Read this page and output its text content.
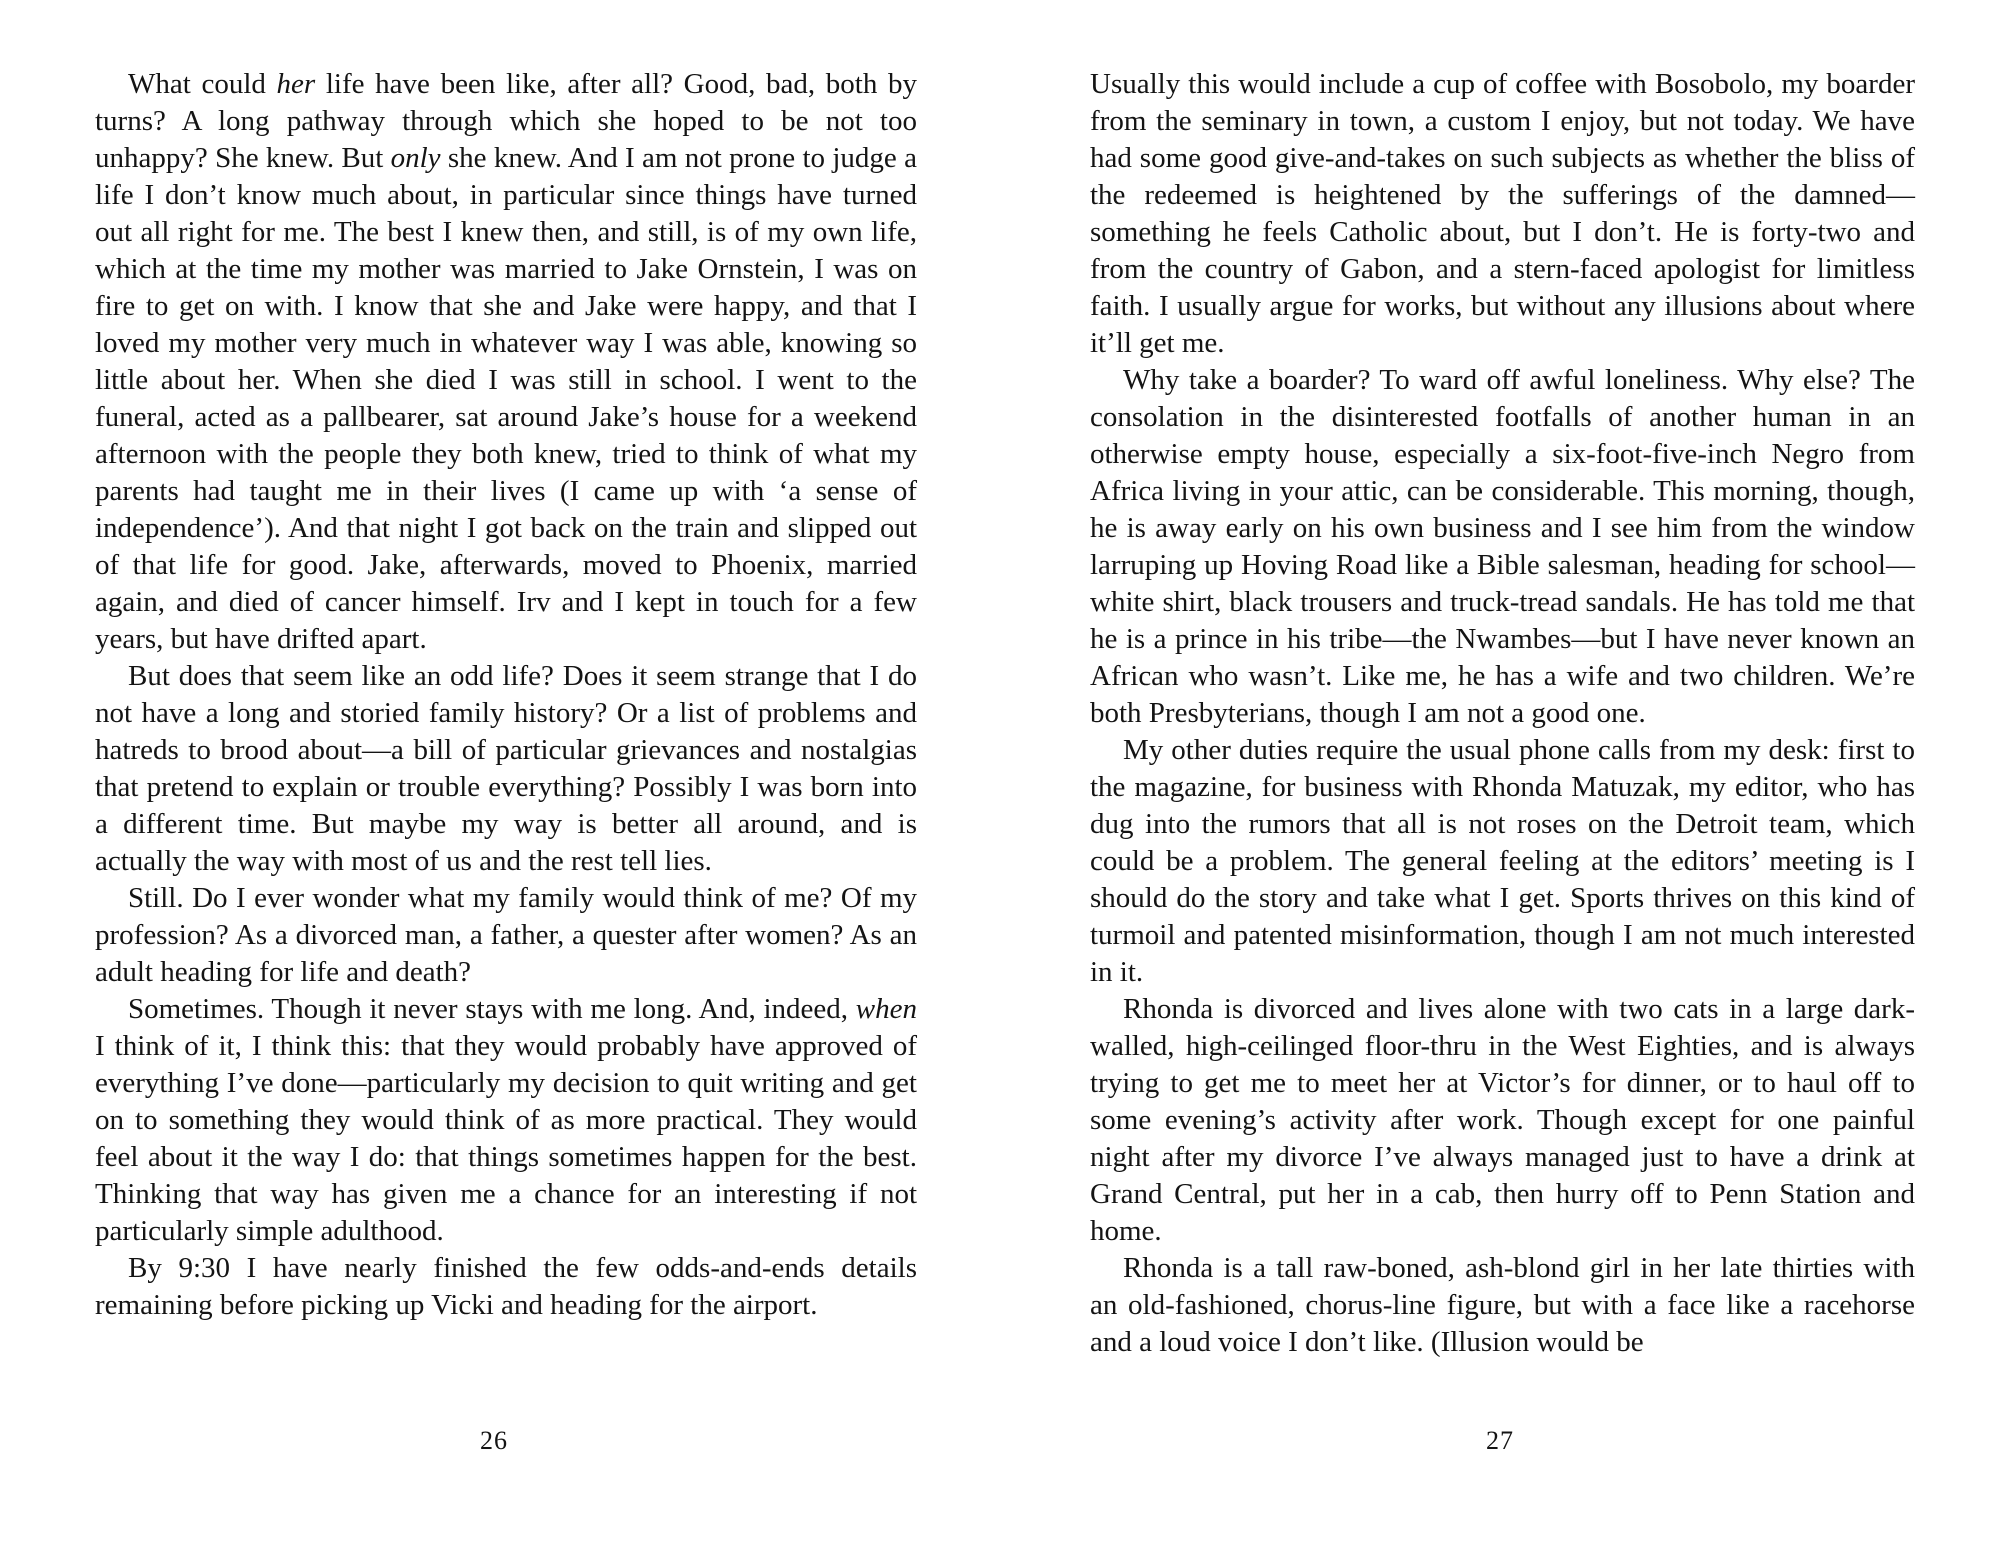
What could her life have been like, after all? Good, bad, both by turns? A long pathway through which she hoped to be not too unhappy? She knew. But only she knew. And I am not prone to judge a life I don’t know much about, in particular since things have turned out all right for me. The best I knew then, and still, is of my own life, which at the time my mother was married to Jake Ornstein, I was on fire to get on with. I know that she and Jake were happy, and that I loved my mother very much in whatever way I was able, knowing so little about her. When she died I was still in school. I went to the funeral, acted as a pallbearer, sat around Jake’s house for a weekend afternoon with the people they both knew, tried to think of what my parents had taught me in their lives (I came up with ‘a sense of independence’). And that night I got back on the train and slipped out of that life for good. Jake, afterwards, moved to Phoenix, married again, and died of cancer himself. Irv and I kept in touch for a few years, but have drifted apart.

But does that seem like an odd life? Does it seem strange that I do not have a long and storied family history? Or a list of problems and hatreds to brood about—a bill of particular grievances and nostalgias that pretend to explain or trouble everything? Possibly I was born into a different time. But maybe my way is better all around, and is actually the way with most of us and the rest tell lies.

Still. Do I ever wonder what my family would think of me? Of my profession? As a divorced man, a father, a quester after women? As an adult heading for life and death?

Sometimes. Though it never stays with me long. And, indeed, when I think of it, I think this: that they would probably have approved of everything I’ve done—particularly my decision to quit writing and get on to something they would think of as more practical. They would feel about it the way I do: that things sometimes happen for the best. Thinking that way has given me a chance for an interesting if not particularly simple adulthood.

By 9:30 I have nearly finished the few odds-and-ends details remaining before picking up Vicki and heading for the airport.

26

Usually this would include a cup of coffee with Bosobolo, my boarder from the seminary in town, a custom I enjoy, but not today. We have had some good give-and-takes on such subjects as whether the bliss of the redeemed is heightened by the sufferings of the damned—something he feels Catholic about, but I don’t. He is forty-two and from the country of Gabon, and a stern-faced apologist for limitless faith. I usually argue for works, but without any illusions about where it’ll get me.

Why take a boarder? To ward off awful loneliness. Why else? The consolation in the disinterested footfalls of another human in an otherwise empty house, especially a six-foot-five-inch Negro from Africa living in your attic, can be considerable. This morning, though, he is away early on his own business and I see him from the window larruping up Hoving Road like a Bible salesman, heading for school—white shirt, black trousers and truck-tread sandals. He has told me that he is a prince in his tribe—the Nwambes—but I have never known an African who wasn’t. Like me, he has a wife and two children. We’re both Presbyterians, though I am not a good one.

My other duties require the usual phone calls from my desk: first to the magazine, for business with Rhonda Matuzak, my editor, who has dug into the rumors that all is not roses on the Detroit team, which could be a problem. The general feeling at the editors’ meeting is I should do the story and take what I get. Sports thrives on this kind of turmoil and patented misinformation, though I am not much interested in it.

Rhonda is divorced and lives alone with two cats in a large dark-walled, high-ceilinged floor-thru in the West Eighties, and is always trying to get me to meet her at Victor’s for dinner, or to haul off to some evening’s activity after work. Though except for one painful night after my divorce I’ve always managed just to have a drink at Grand Central, put her in a cab, then hurry off to Penn Station and home.

Rhonda is a tall raw-boned, ash-blond girl in her late thirties with an old-fashioned, chorus-line figure, but with a face like a racehorse and a loud voice I don’t like. (Illusion would be

27
